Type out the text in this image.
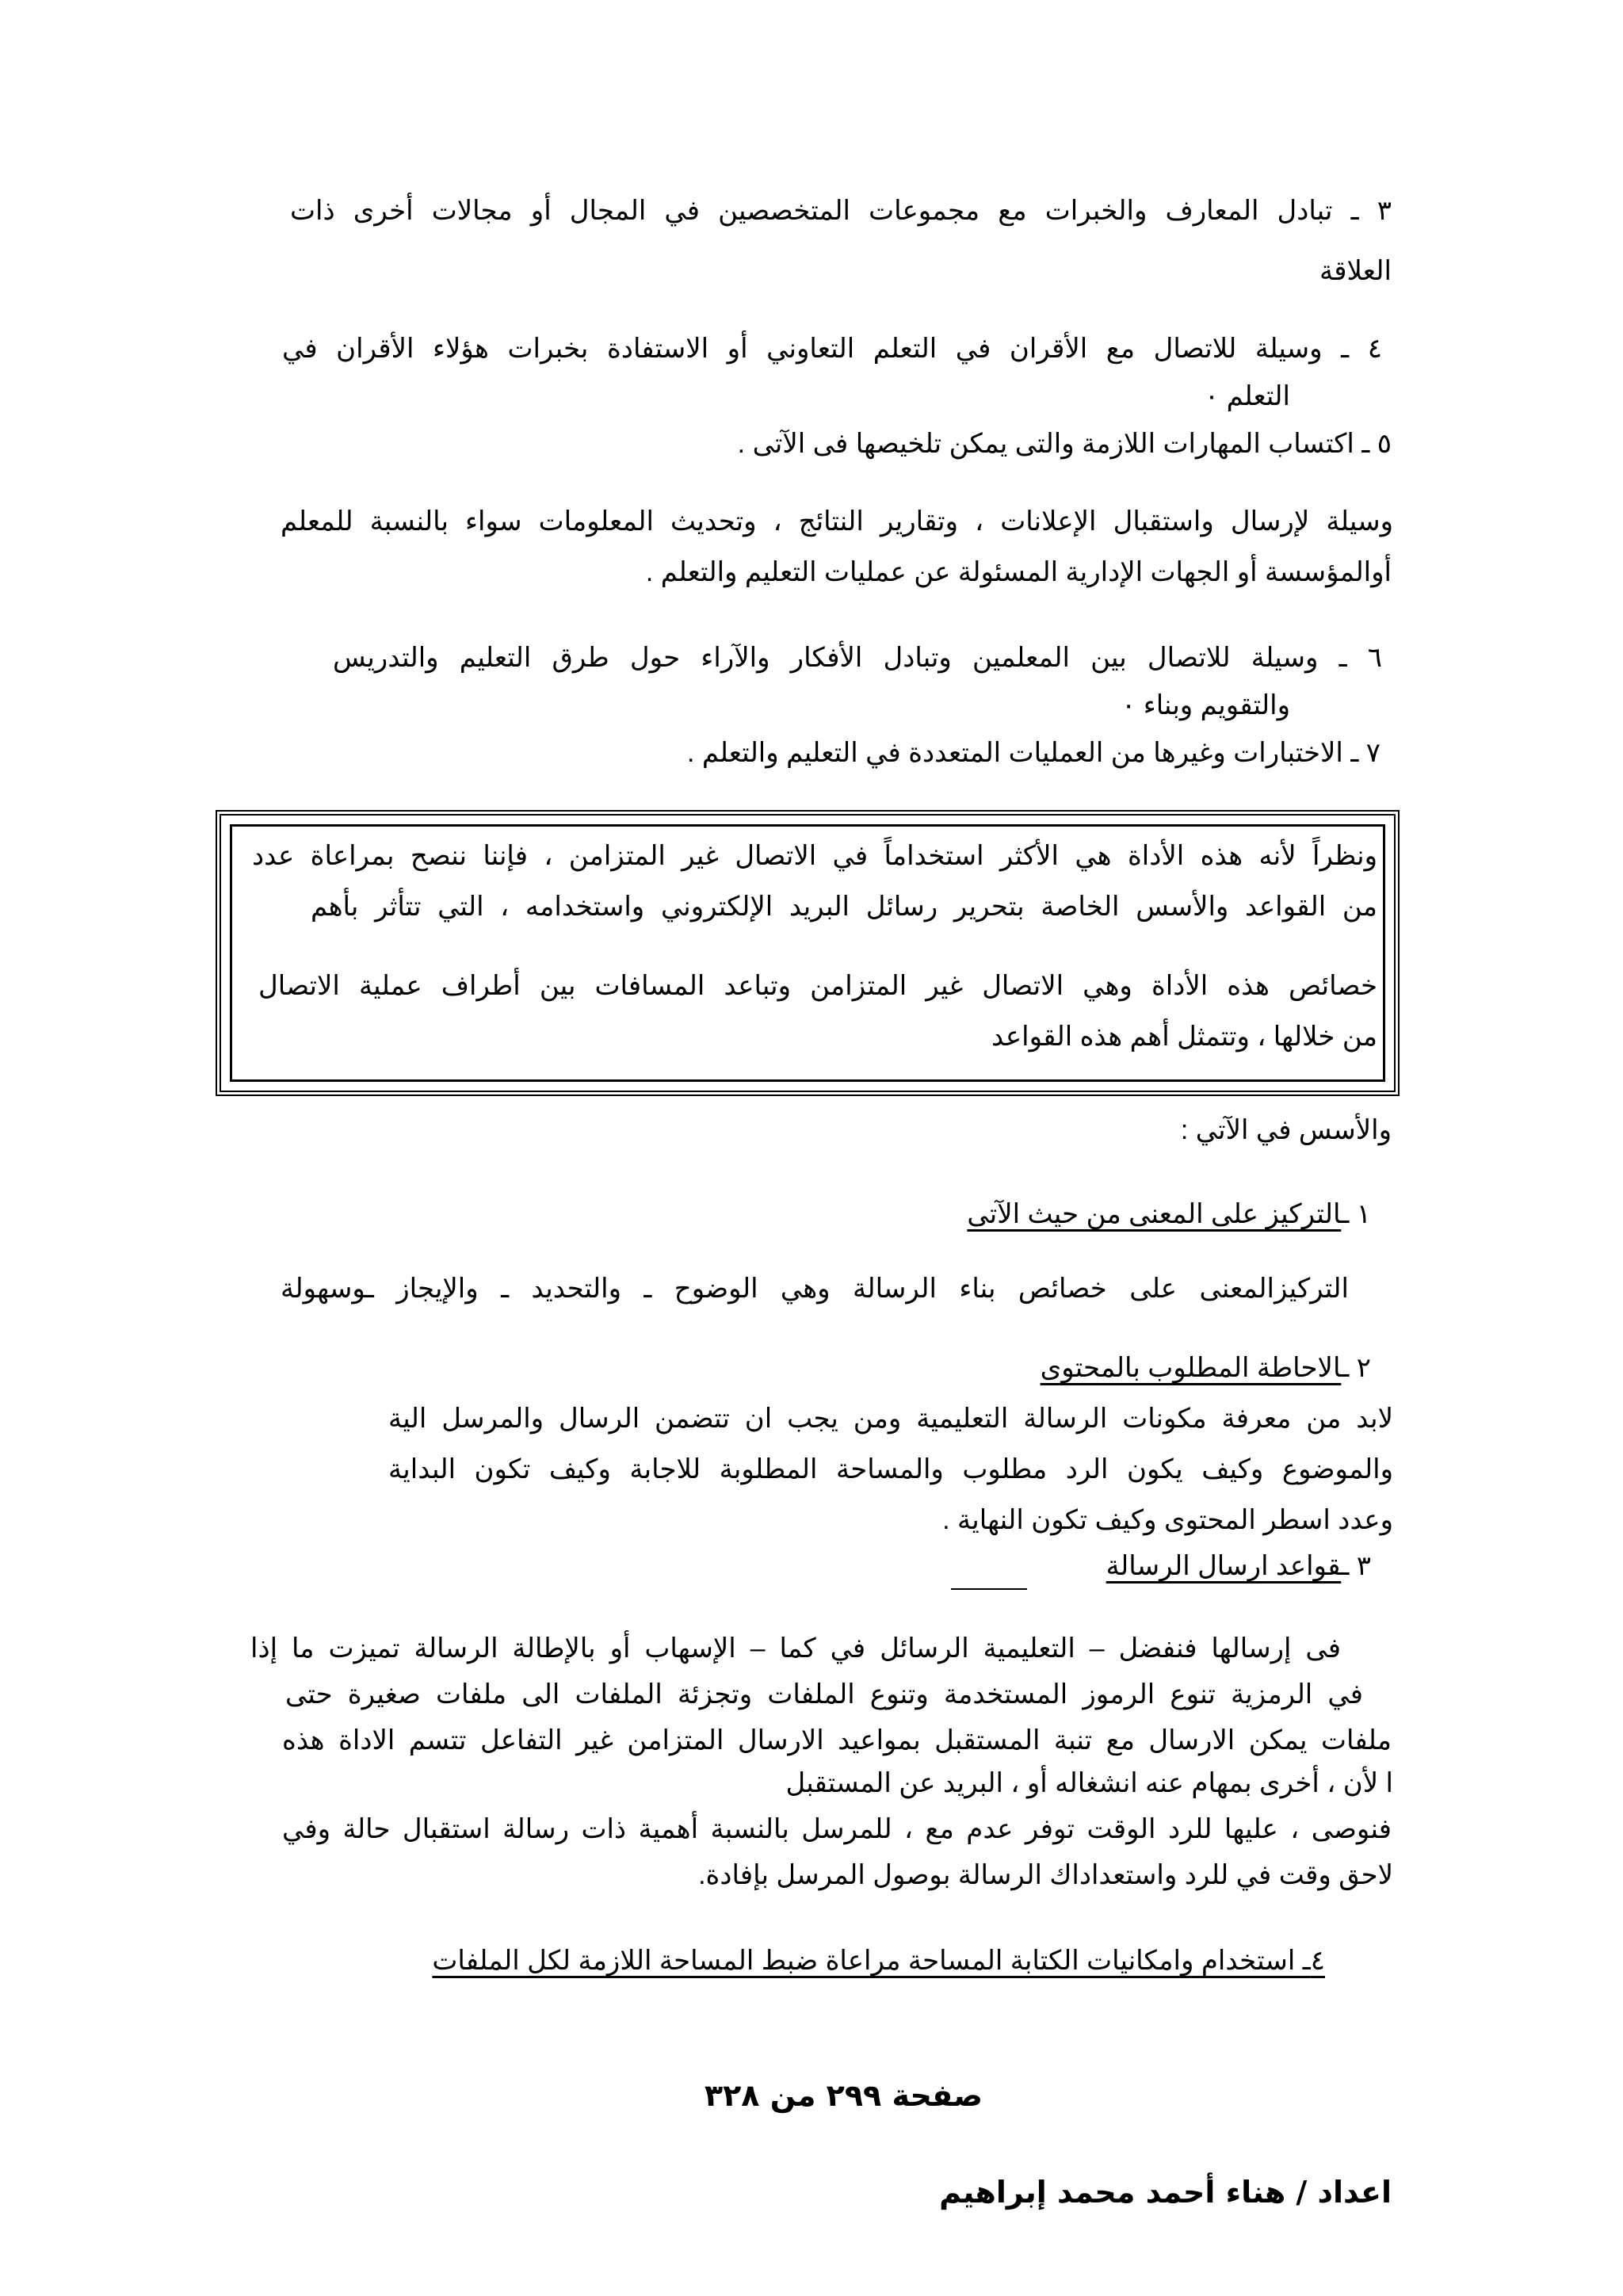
٣ ـ تبادل المعارف والخبرات مع مجموعات المتخصصين في المجال أو مجالات أخرى ذات

العلاقة

٤ ـ وسيلة للاتصال مع الأقران في التعلم التعاوني أو الاستفادة بخبرات هؤلاء الأقران في

التعلم ٠

٥ ـ اكتساب المهارات اللازمة والتى يمكن تلخيصها فى الآتى .

وسيلة لإرسال واستقبال الإعلانات ، وتقارير النتائج ، وتحديث المعلومات سواء بالنسبة للمعلم

أوالمؤسسة أو الجهات الإدارية المسئولة عن عمليات التعليم والتعلم .

٦ ـ وسيلة للاتصال بين المعلمين وتبادل الأفكار والآراء حول طرق التعليم والتدريس

والتقويم وبناء ٠

٧ ـ الاختبارات وغيرها من العمليات المتعددة في التعليم والتعلم .

ونظراً لأنه هذه الأداة هي الأكثر استخداماً في الاتصال غير المتزامن ، فإننا ننصح بمراعاة عدد

من القواعد والأسس الخاصة بتحرير رسائل البريد الإلكتروني واستخدامه ، التي تتأثر بأهم

خصائص هذه الأداة وهي الاتصال غير المتزامن وتباعد المسافات بين أطراف عملية الاتصال

من خلالها ، وتتمثل أهم هذه القواعد

والأسس في الآتي :

١ ـالتركيز على المعنى من حيث الآتى

التركيزالمعنى على خصائص بناء الرسالة وهي الوضوح ـ والتحديد ـ والإيجاز ـوسهولة

٢ ـالاحاطة المطلوب بالمحتوى

لابد من معرفة مكونات الرسالة التعليمية ومن يجب ان تتضمن الرسال والمرسل الية

والموضوع وكيف يكون الرد مطلوب والمساحة المطلوبة للاجابة وكيف تكون البداية

وعدد اسطر المحتوى وكيف تكون النهاية .

٣ ـقواعد ارسال الرسالة

فى إرسالها فنفضل – التعليمية الرسائل في كما – الإسهاب أو بالإطالة الرسالة تميزت ما إذا

في الرمزية تنوع الرموز المستخدمة وتنوع الملفات وتجزئة الملفات الى ملفات صغيرة حتى

ملفات يمكن الارسال مع تنبة المستقبل بمواعيد الارسال المتزامن غير التفاعل تتسم الاداة هذه

ا لأن ، أخرى بمهام عنه انشغاله أو ، البريد عن المستقبل

فنوصى ، عليها للرد الوقت توفر عدم مع ، للمرسل بالنسبة أهمية ذات رسالة استقبال حالة وفي

لاحق وقت في للرد واستعداداك الرسالة بوصول المرسل بإفادة.

٤ـ استخدام وامكانيات الكتابة المساحة مراعاة ضبط المساحة اللازمة لكل الملفات

صفحة ٢٩٩ من ٣٢٨
اعداد / هناء أحمد محمد إبراهيم
